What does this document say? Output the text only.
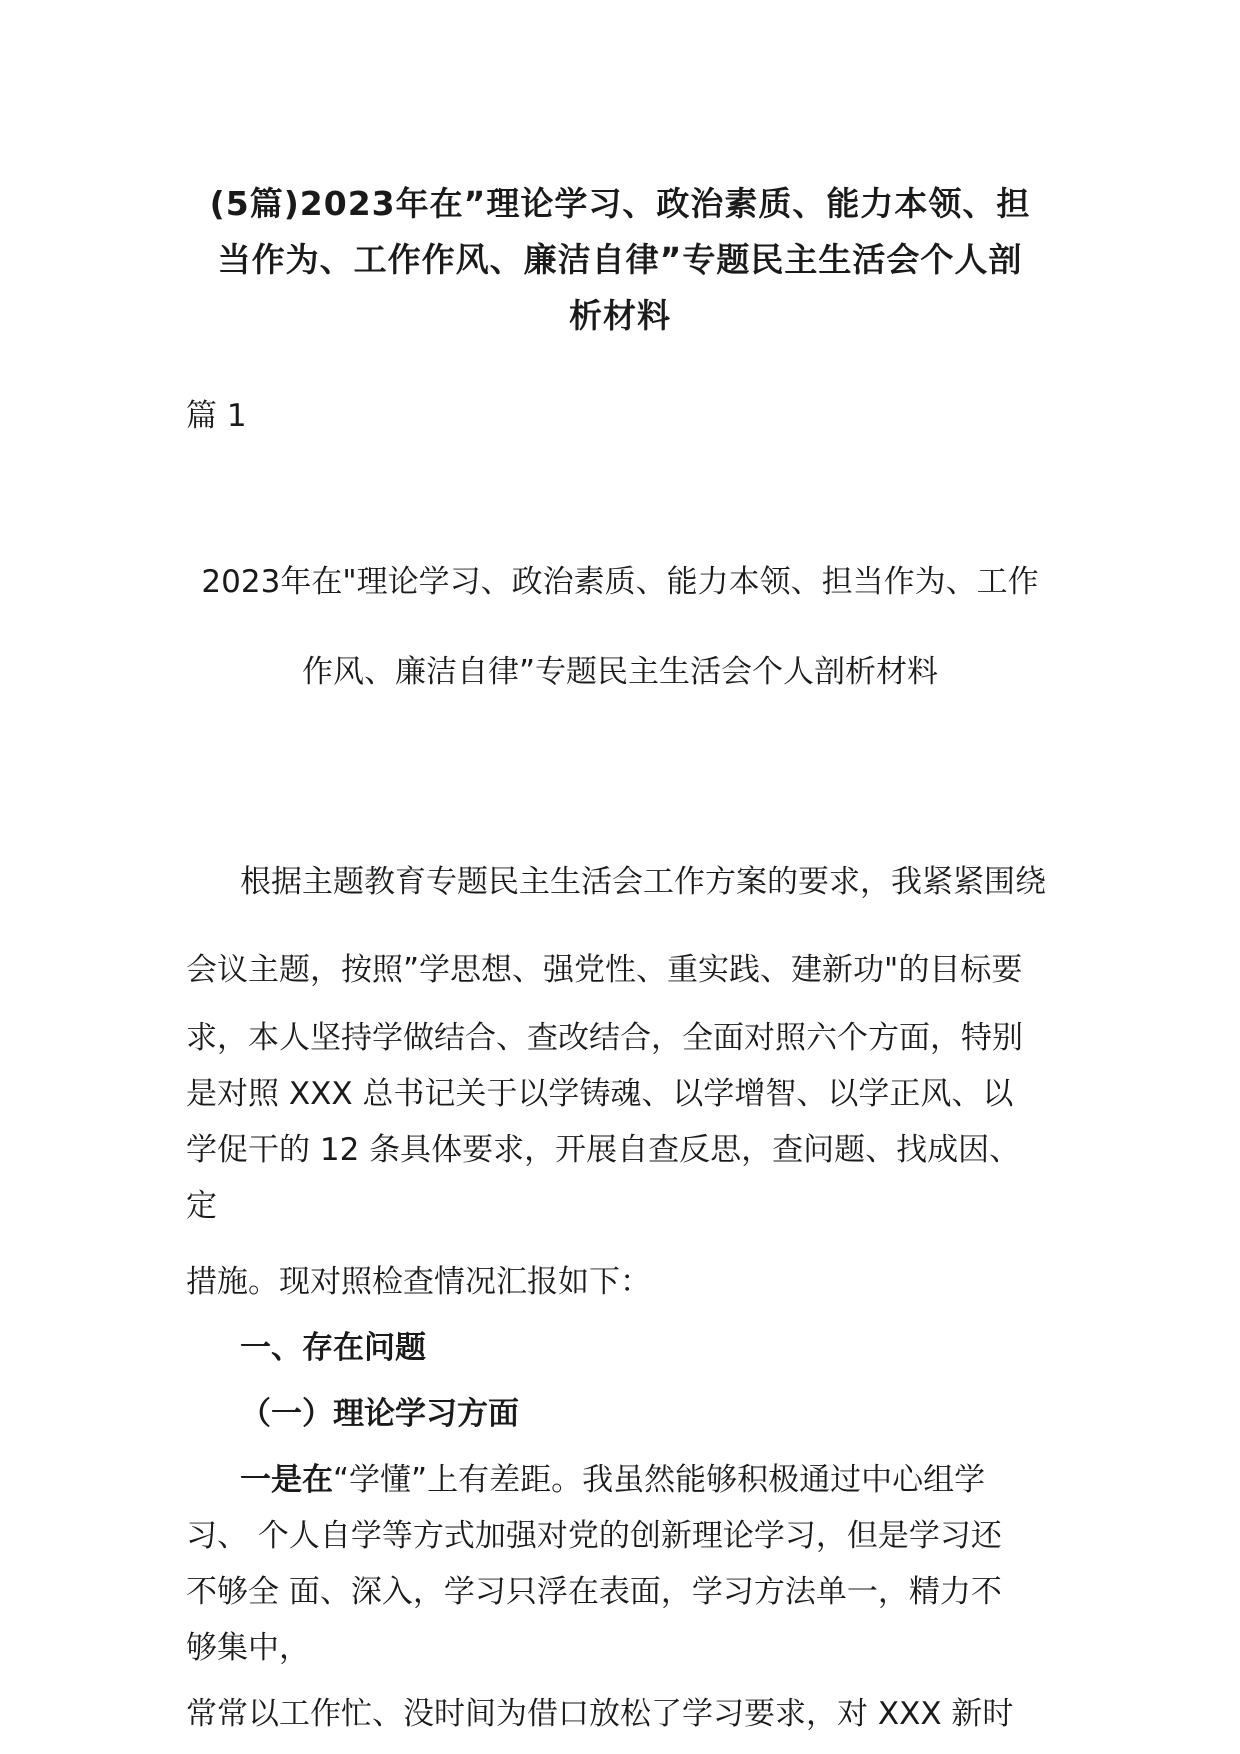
(5篇)2023年在”理论学习、政治素质、能力本领、担
当作为、工作作风、廉洁自律”专题民主生活会个人剖
析材料
篇 1
2023年在"理论学习、政治素质、能力本领、担当作为、工作
作风、廉洁自律”专题民主生活会个人剖析材料
根据主题教育专题民主生活会工作方案的要求，我紧紧围绕
会议主题，按照”学思想、强党性、重实践、建新功"的目标要
求，本人坚持学做结合、查改结合，全面对照六个方面，特别
是对照 XXX 总书记关于以学铸魂、以学增智、以学正风、以
学促干的 12 条具体要求，开展自查反思，查问题、找成因、
定
措施。现对照检查情况汇报如下：
一、存在问题
（一）理论学习方面
一是在“学懂”上有差距。我虽然能够积极通过中心组学
习、 个人自学等方式加强对党的创新理论学习，但是学习还
不够全 面、深入，学习只浮在表面，学习方法单一，精力不
够集中，
常常以工作忙、没时间为借口放松了学习要求，对 XXX 新时
